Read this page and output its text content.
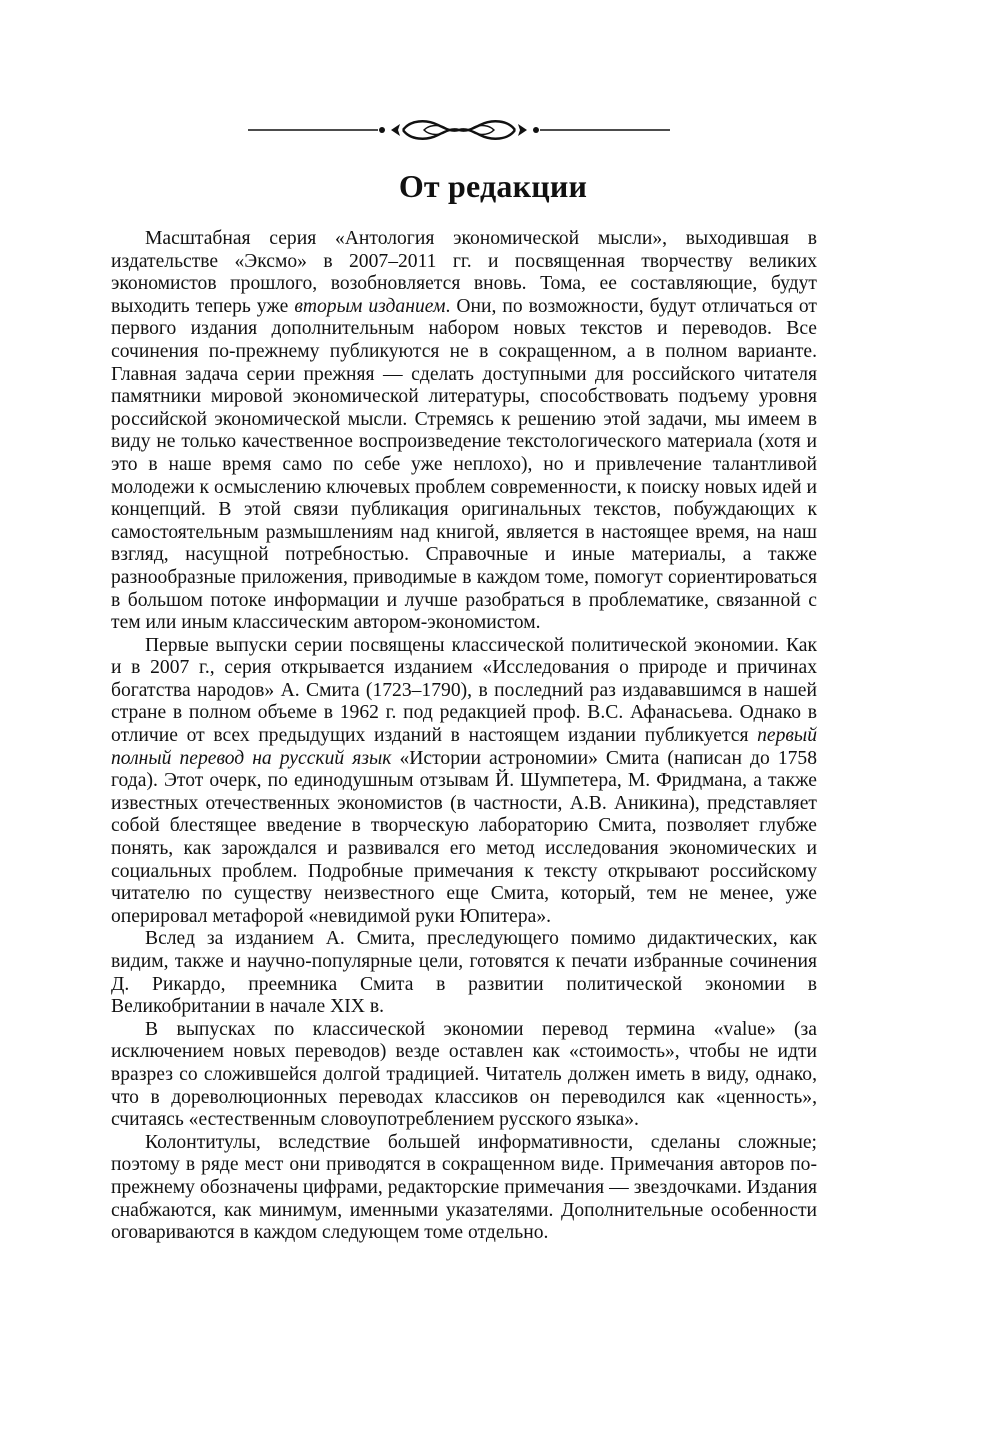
От редакции

Масштабная серия «Антология экономической мысли», выходившая в издательстве «Эксмо» в 2007–2011 гг. и посвященная творчеству великих экономистов прошлого, возобновляется вновь. Тома, ее составляющие, будут выходить теперь уже вторым изданием. Они, по возможности, будут отличаться от первого издания дополнительным набором новых текстов и переводов. Все сочинения по-прежнему публикуются не в сокращенном, а в полном варианте. Главная задача серии прежняя — сделать доступными для российского читателя памятники мировой экономической литературы, способствовать подъему уровня российской экономической мысли. Стремясь к решению этой задачи, мы имеем в виду не только качественное воспроизведение текстологического материала (хотя и это в наше время само по себе уже неплохо), но и привлечение талантливой молодежи к осмыслению ключевых проблем современности, к поиску новых идей и концепций. В этой связи публикация оригинальных текстов, побуждающих к самостоятельным размышлениям над книгой, является в настоящее время, на наш взгляд, насущной потребностью. Справочные и иные материалы, а также разнообразные приложения, приводимые в каждом томе, помогут сориентироваться в большом потоке информации и лучше разобраться в проблематике, связанной с тем или иным классическим автором-экономистом.

Первые выпуски серии посвящены классической политической экономии. Как и в 2007 г., серия открывается изданием «Исследования о природе и причинах богатства народов» А. Смита (1723–1790), в последний раз издававшимся в нашей стране в полном объеме в 1962 г. под редакцией проф. В.С. Афанасьева. Однако в отличие от всех предыдущих изданий в настоящем издании публикуется первый полный перевод на русский язык «Истории астрономии» Смита (написан до 1758 года). Этот очерк, по единодушным отзывам Й. Шумпетера, М. Фридмана, а также известных отечественных экономистов (в частности, А.В. Аникина), представляет собой блестящее введение в творческую лабораторию Смита, позволяет глубже понять, как зарождался и развивался его метод исследования экономических и социальных проблем. Подробные примечания к тексту открывают российскому читателю по существу неизвестного еще Смита, который, тем не менее, уже оперировал метафорой «невидимой руки Юпитера».

Вслед за изданием А. Смита, преследующего помимо дидактических, как видим, также и научно-популярные цели, готовятся к печати избранные сочинения Д. Рикардо, преемника Смита в развитии политической экономии в Великобритании в начале XIX в.

В выпусках по классической экономии перевод термина «value» (за исключением новых переводов) везде оставлен как «стоимость», чтобы не идти вразрез со сложившейся долгой традицией. Читатель должен иметь в виду, однако, что в дореволюционных переводах классиков он переводился как «ценность», считаясь «естественным словоупотреблением русского языка».

Колонтитулы, вследствие большей информативности, сделаны сложные; поэтому в ряде мест они приводятся в сокращенном виде. Примечания авторов по-прежнему обозначены цифрами, редакторские примечания — звездочками. Издания снабжаются, как минимум, именными указателями. Дополнительные особенности оговариваются в каждом следующем томе отдельно.
